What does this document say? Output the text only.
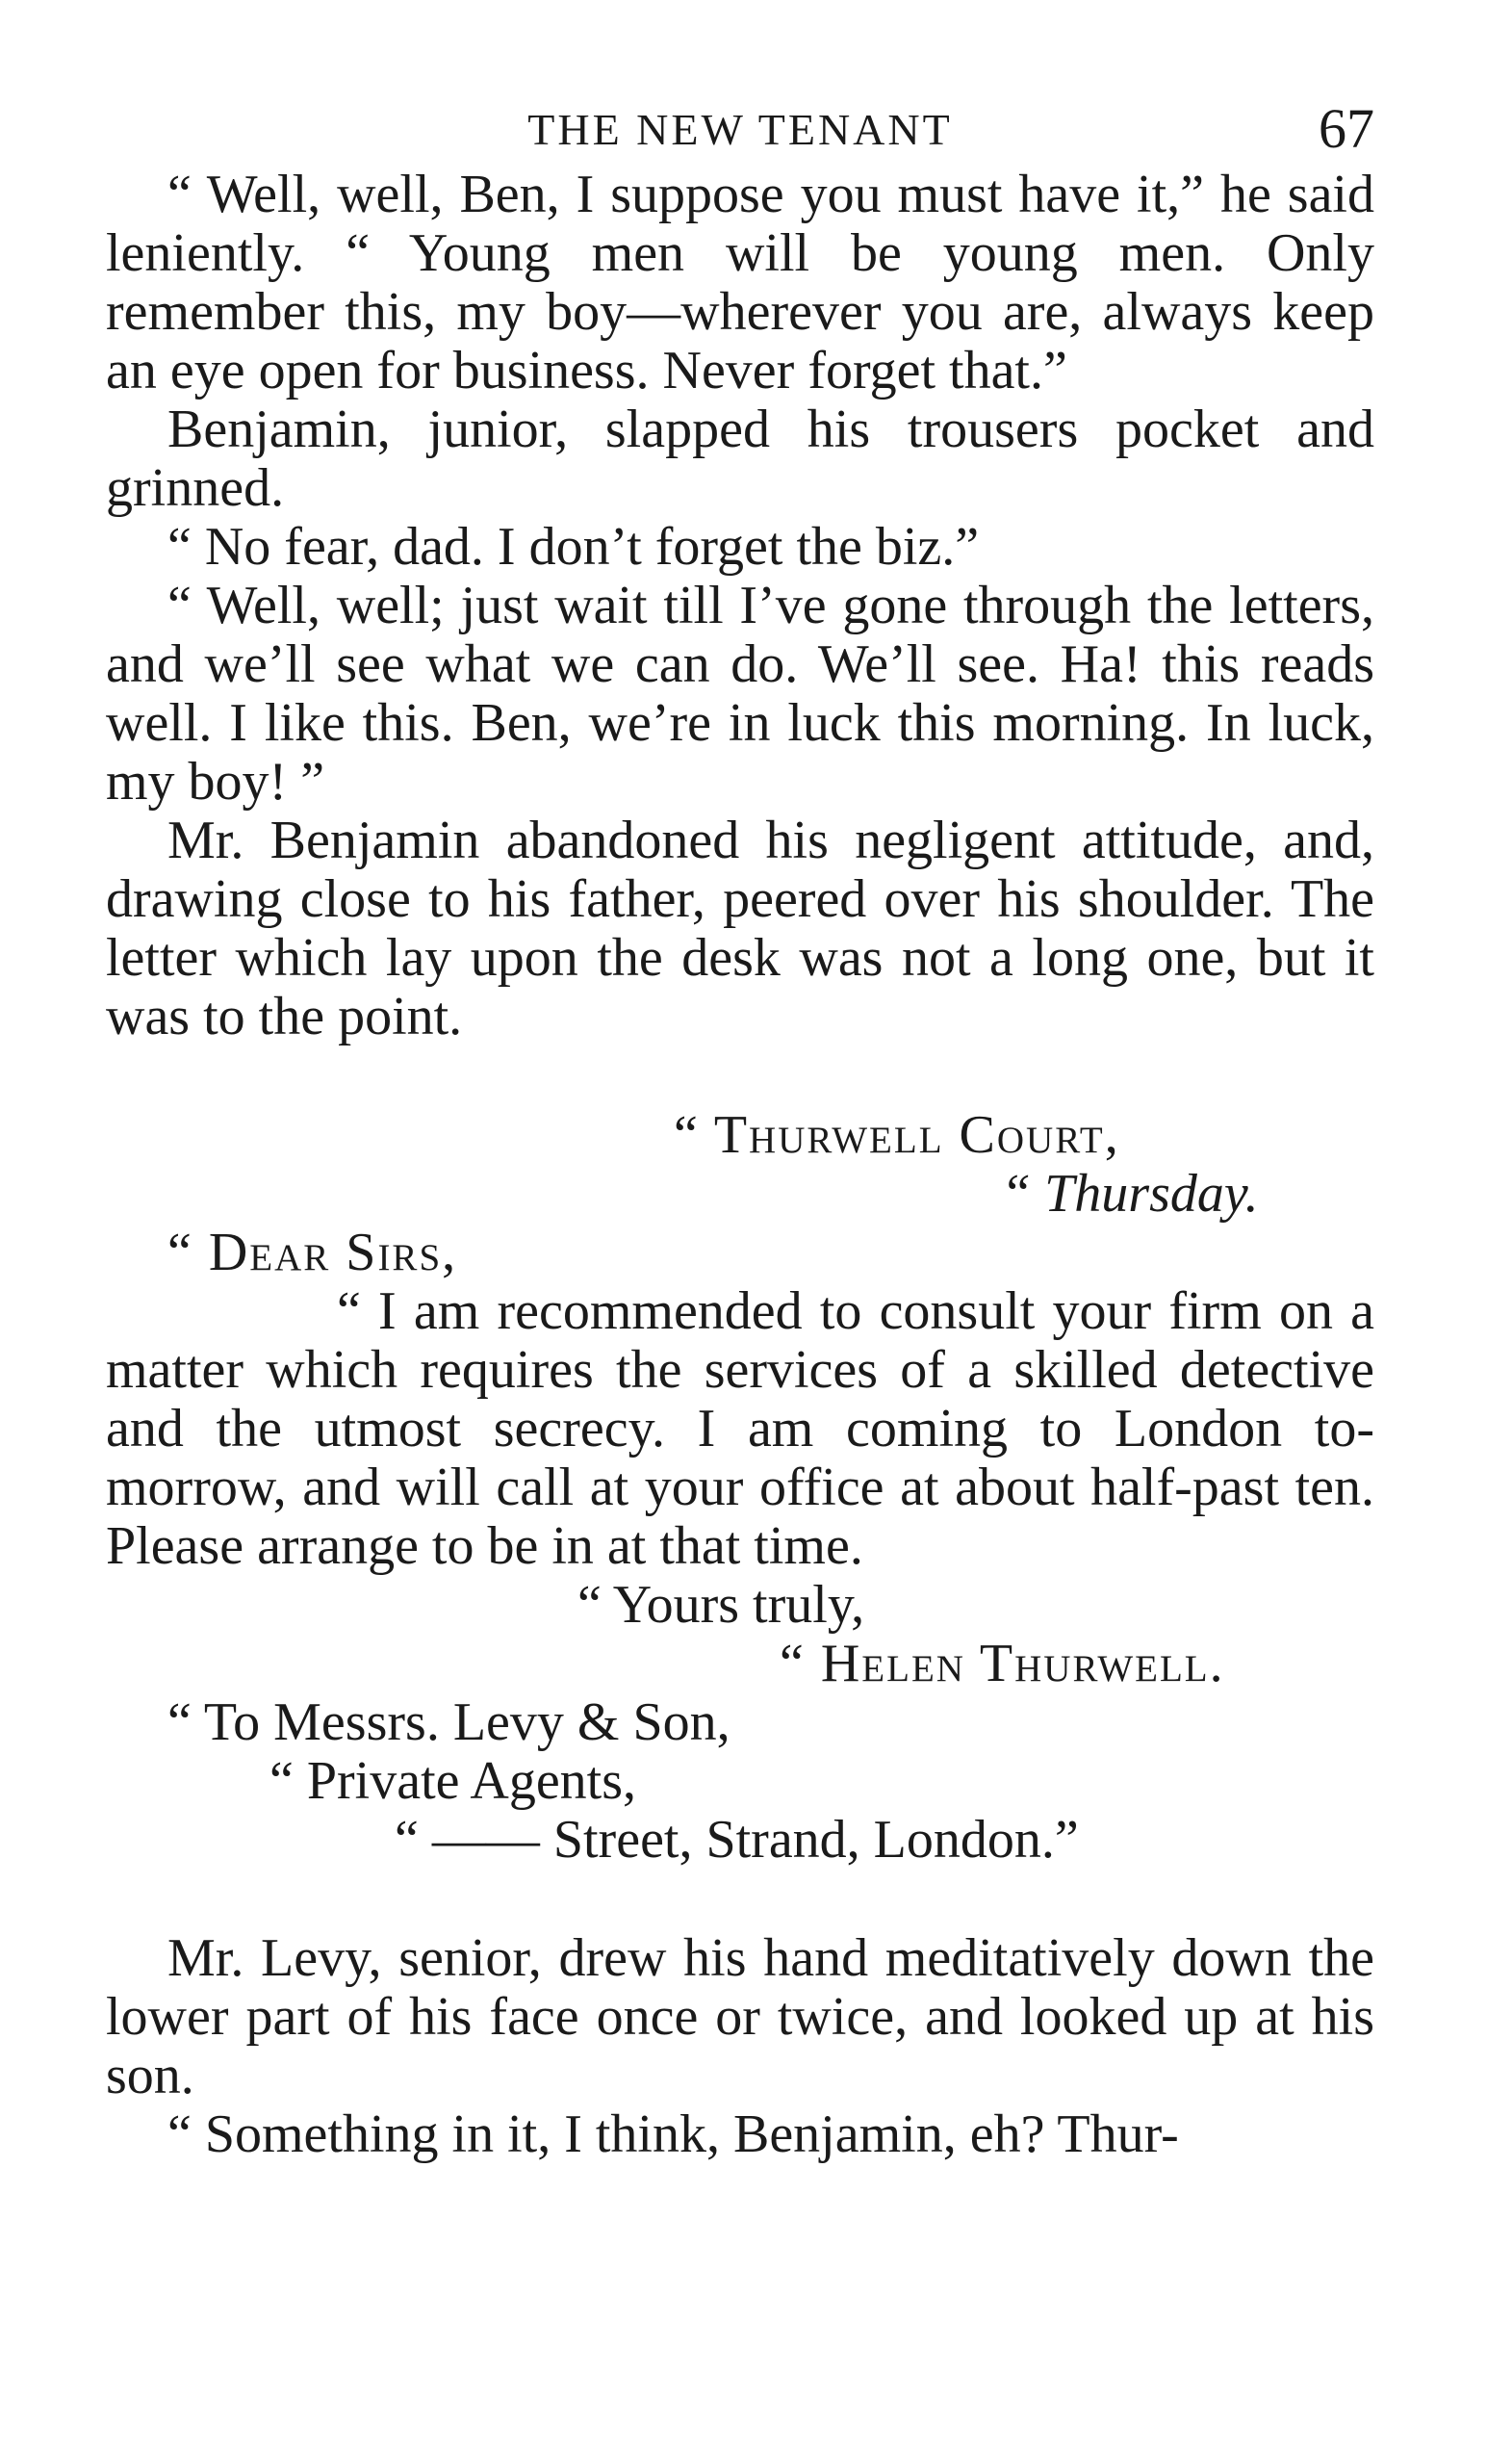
THE NEW TENANT	67

“ Well, well, Ben, I suppose you must have it,” he said leniently. “ Young men will be young men. Only remember this, my boy—wherever you are, always keep an eye open for business. Never forget that.”

Benjamin, junior, slapped his trousers pocket and grinned.

“ No fear, dad. I don’t forget the biz.”

“ Well, well; just wait till I’ve gone through the letters, and we’ll see what we can do. We’ll see. Ha! this reads well. I like this. Ben, we’re in luck this morning. In luck, my boy! ”

Mr. Benjamin abandoned his negligent attitude, and, drawing close to his father, peered over his shoulder. The letter which lay upon the desk was not a long one, but it was to the point.

“ Thurwell Court,
“ Thursday.
“ Dear Sirs,

“ I am recommended to consult your firm on a matter which requires the services of a skilled detective and the utmost secrecy. I am coming to London to-morrow, and will call at your office at about half-past ten. Please arrange to be in at that time.

“ Yours truly,
“ Helen Thurwell.
“ To Messrs. Levy & Son,
“ Private Agents,
“ —— Street, Strand, London.”

Mr. Levy, senior, drew his hand meditatively down the lower part of his face once or twice, and looked up at his son.

“ Something in it, I think, Benjamin, eh? Thur-
